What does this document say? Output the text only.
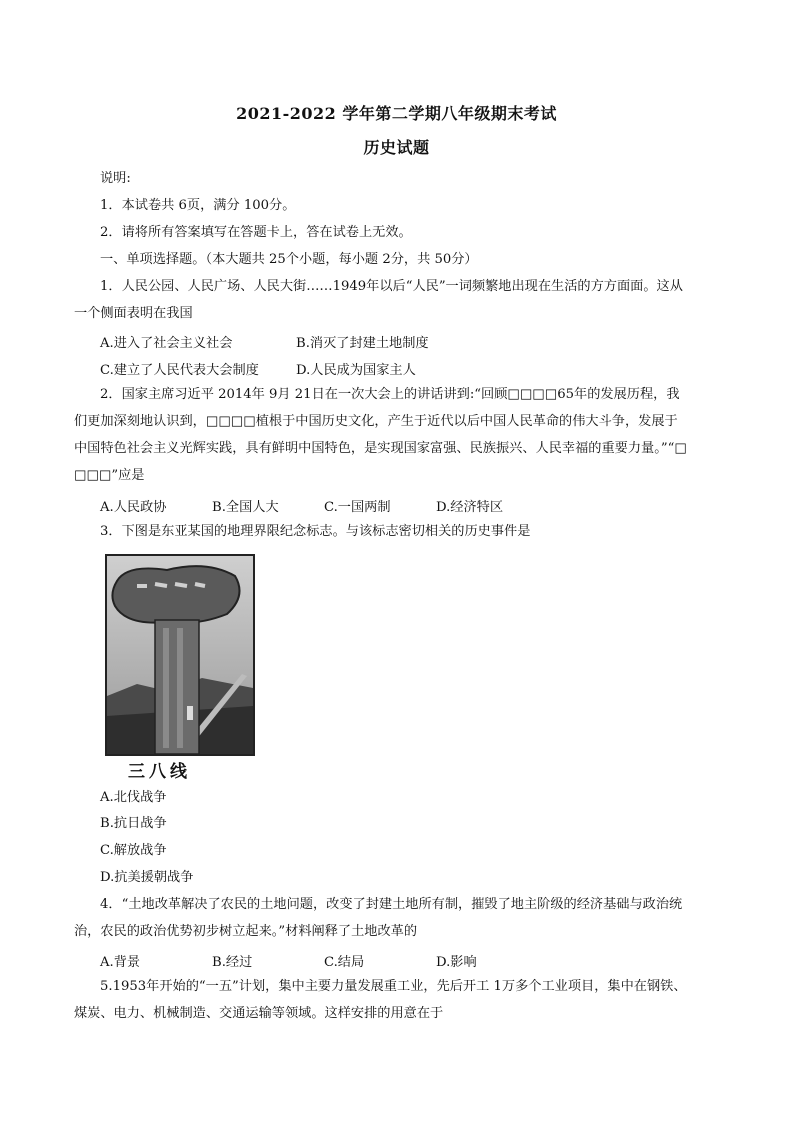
2021-2022 学年第二学期八年级期末考试
历史试题
说明:
1．本试卷共 6页，满分 100分。
2．请将所有答案填写在答题卡上，答在试卷上无效。
一、单项选择题。（本大题共 25个小题，每小题 2分，共 50分）
1．人民公园、人民广场、人民大街……1949年以后“人民”一词频繁地出现在生活的方方面面。这从
一个侧面表明在我国
A.进入了社会主义社会	B.消灭了封建土地制度
C.建立了人民代表大会制度	D.人民成为国家主人
2．国家主席习近平 2014年 9月 21日在一次大会上的讲话讲到:“回顾□□□□65年的发展历程，我
们更加深刻地认识到，□□□□植根于中国历史文化，产生于近代以后中国人民革命的伟大斗争，发展于
中国特色社会主义光辉实践，具有鲜明中国特色，是实现国家富强、民族振兴、人民幸福的重要力量。”“□
□□□”应是
A.人民政协	B.全国人大	C.一国两制	D.经济特区
3．下图是东亚某国的地理界限纪念标志。与该标志密切相关的历史事件是
三八线
A.北伐战争
B.抗日战争
C.解放战争
D.抗美援朝战争
4．“土地改革解决了农民的土地问题，改变了封建土地所有制，摧毁了地主阶级的经济基础与政治统
治，农民的政治优势初步树立起来。”材料阐释了土地改革的
A.背景	B.经过	C.结局	D.影响
5.1953年开始的“一五”计划，集中主要力量发展重工业，先后开工 1万多个工业项目，集中在钢铁、
煤炭、电力、机械制造、交通运输等领域。这样安排的用意在于
